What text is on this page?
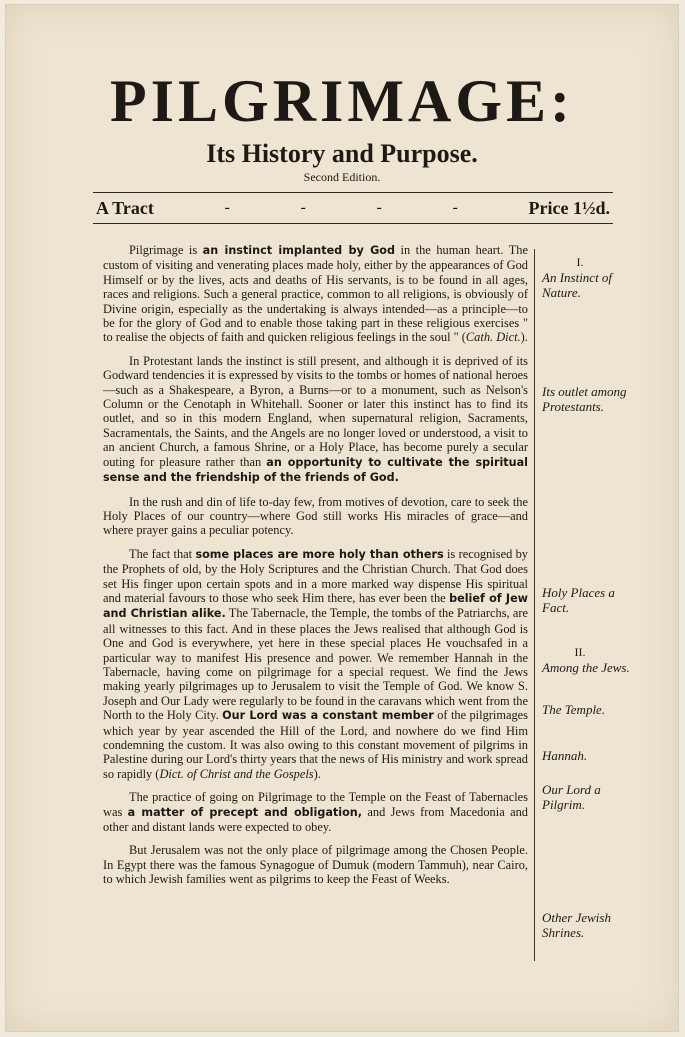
PILGRIMAGE:
Its History and Purpose.
Second Edition.
A Tract	-	-	-	-	Price 1½d.

Pilgrimage is an instinct implanted by God in the human heart. The custom of visiting and venerating places made holy, either by the appearances of God Himself or by the lives, acts and deaths of His servants, is to be found in all ages, races and religions. Such a general practice, common to all religions, is obviously of Divine origin, especially as the undertaking is always intended—as a principle—to be for the glory of God and to enable those taking part in these religious exercises " to realise the objects of faith and quicken religious feelings in the soul " (Cath. Dict.).

In Protestant lands the instinct is still present, and although it is deprived of its Godward tendencies it is expressed by visits to the tombs or homes of national heroes—such as a Shakespeare, a Byron, a Burns—or to a monument, such as Nelson's Column or the Cenotaph in Whitehall. Sooner or later this instinct has to find its outlet, and so in this modern England, when supernatural religion, Sacraments, Sacramentals, the Saints, and the Angels are no longer loved or understood, a visit to an ancient Church, a famous Shrine, or a Holy Place, has become purely a secular outing for pleasure rather than an opportunity to cultivate the spiritual sense and the friendship of the friends of God.

In the rush and din of life to-day few, from motives of devotion, care to seek the Holy Places of our country—where God still works His miracles of grace—and where prayer gains a peculiar potency.

The fact that some places are more holy than others is recognised by the Prophets of old, by the Holy Scriptures and the Christian Church. That God does set His finger upon certain spots and in a more marked way dispense His spiritual and material favours to those who seek Him there, has ever been the belief of Jew and Christian alike. The Tabernacle, the Temple, the tombs of the Patriarchs, are all witnesses to this fact. And in these places the Jews realised that although God is One and God is everywhere, yet here in these special places He vouchsafed in a particular way to manifest His presence and power. We remember Hannah in the Tabernacle, having come on pilgrimage for a special request. We find the Jews making yearly pilgrimages up to Jerusalem to visit the Temple of God. We know S. Joseph and Our Lady were regularly to be found in the caravans which went from the North to the Holy City. Our Lord was a constant member of the pilgrimages which year by year ascended the Hill of the Lord, and nowhere do we find Him condemning the custom. It was also owing to this constant movement of pilgrims in Palestine during our Lord's thirty years that the news of His ministry and work spread so rapidly (Dict. of Christ and the Gospels).

The practice of going on Pilgrimage to the Temple on the Feast of Tabernacles was a matter of precept and obligation, and Jews from Macedonia and other and distant lands were expected to obey.

But Jerusalem was not the only place of pilgrimage among the Chosen People. In Egypt there was the famous Synagogue of Dumuk (modern Tammuh), near Cairo, to which Jewish families went as pilgrims to keep the Feast of Weeks.

I.
An Instinct of Nature.
Its outlet among Protestants.
Holy Places a Fact.
II.
Among the Jews.
The Temple.
Hannah.
Our Lord a Pilgrim.
Other Jewish Shrines.
